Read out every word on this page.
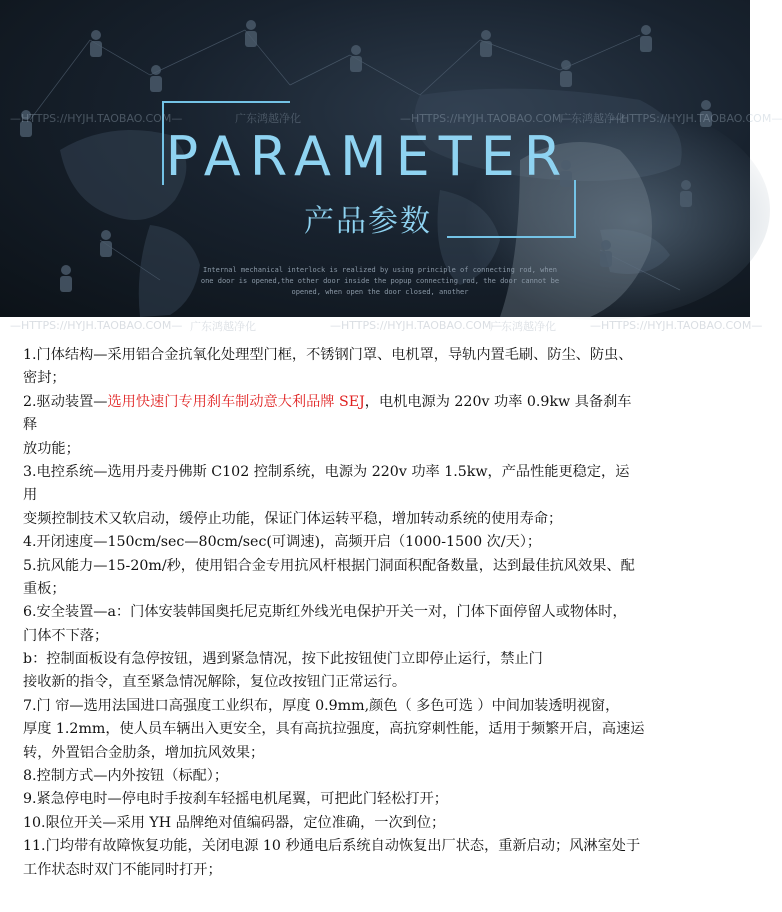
PARAMETER
产品参数
Internal mechanical interlock is realized by using principle of connecting rod, when
one door is opened,the other door inside the popup connecting rod, the door cannot be
opened, when open the door closed, another
—HTTPS://HYJH.TAOBAO.COM—	广东鸿越净化	—HTTPS://HYJH.TAOBAO.COM—
广东鸿越净化
—HTTPS://HYJH.TAOBAO.COM—
—HTTPS://HYJH.TAOBAO.COM— 广东鸿越净化	—HTTPS://HYJH.TAOBAO.COM—
广东鸿越净化	—HTTPS://HYJH.TAOBAO.COM—
1.门体结构—采用铝合金抗氧化处理型门框，不锈钢门罩、电机罩，导轨内置毛刷、防尘、防虫、
密封；
2.驱动装置—选用快速门专用刹车制动意大利品牌 SEJ，电机电源为 220v 功率 0.9kw 具备刹车
释
放功能；
3.电控系统—选用丹麦丹佛斯 C102 控制系统，电源为 220v 功率 1.5kw，产品性能更稳定，运
用
变频控制技术又软启动，缓停止功能，保证门体运转平稳，增加转动系统的使用寿命；
4.开闭速度—150cm/sec—80cm/sec(可调速)，高频开启（1000-1500 次/天）；
5.抗风能力—15-20m/秒，使用铝合金专用抗风杆根据门洞面积配备数量，达到最佳抗风效果、配
重板；
6.安全装置—a：门体安装韩国奥托尼克斯红外线光电保护开关一对，门体下面停留人或物体时，
门体不下落；
b：控制面板设有急停按钮，遇到紧急情况，按下此按钮使门立即停止运行，禁止门
接收新的指令，直至紧急情况解除，复位改按钮门正常运行。
7.门 帘—选用法国进口高强度工业织布，厚度 0.9mm,颜色（ 多色可选 ）中间加装透明视窗，
厚度 1.2mm，使人员车辆出入更安全，具有高抗拉强度，高抗穿刺性能，适用于频繁开启，高速运
转，外置铝合金肋条，增加抗风效果；
8.控制方式—内外按钮（标配）；
9.紧急停电时—停电时手按刹车轻摇电机尾翼，可把此门轻松打开；
10.限位开关—采用 YH 品牌绝对值编码器，定位准确，一次到位；
11.门均带有故障恢复功能，关闭电源 10 秒通电后系统自动恢复出厂状态，重新启动；风淋室处于
工作状态时双门不能同时打开；
